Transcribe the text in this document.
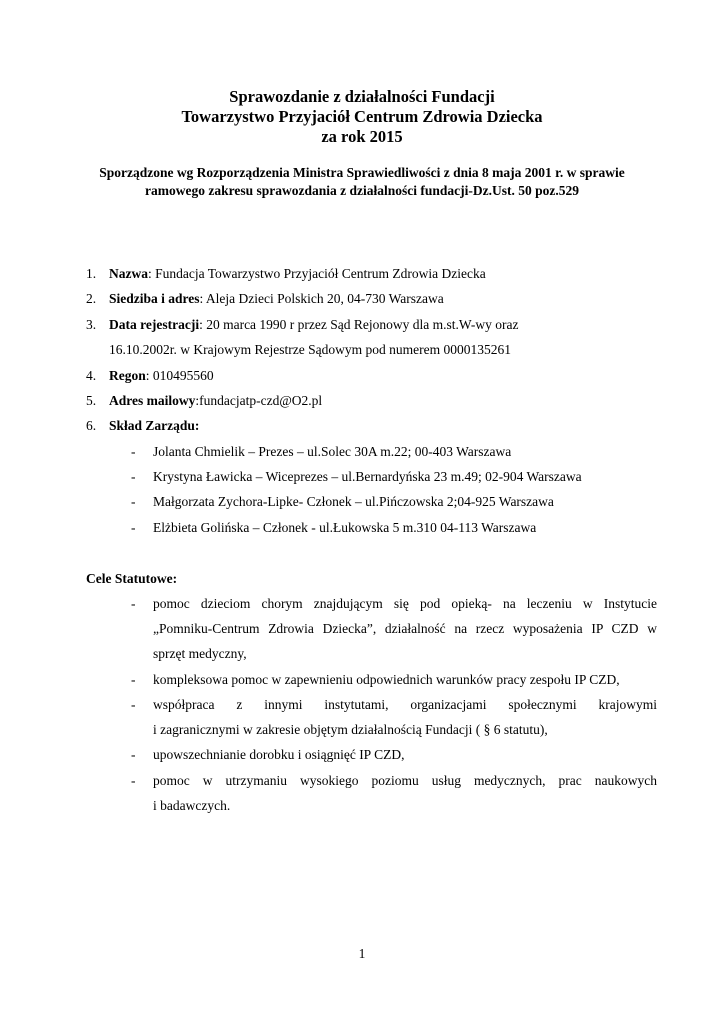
Sprawozdanie z działalności Fundacji
Towarzystwo Przyjaciół Centrum Zdrowia Dziecka
za rok 2015
Sporządzone wg Rozporządzenia Ministra Sprawiedliwości z dnia 8 maja 2001 r. w sprawie
ramowego zakresu sprawozdania z działalności fundacji-Dz.Ust. 50 poz.529
1. Nazwa: Fundacja Towarzystwo Przyjaciół Centrum Zdrowia Dziecka
2. Siedziba i adres: Aleja Dzieci Polskich 20, 04-730 Warszawa
3. Data rejestracji: 20 marca 1990 r przez Sąd Rejonowy dla m.st.W-wy oraz
16.10.2002r. w Krajowym Rejestrze Sądowym pod numerem 0000135261
4. Regon: 010495560
5. Adres mailowy:fundacjatp-czd@O2.pl
6. Skład Zarządu:
- Jolanta Chmielik – Prezes – ul.Solec 30A m.22; 00-403 Warszawa
- Krystyna Ławicka – Wiceprezes – ul.Bernardyńska 23 m.49; 02-904 Warszawa
- Małgorzata Zychora-Lipke- Członek – ul.Pińczowska 2;04-925 Warszawa
- Elżbieta Golińska – Członek - ul.Łukowska 5 m.310 04-113 Warszawa
Cele Statutowe:
- pomoc dzieciom chorym znajdującym się pod opieką- na leczeniu w Instytucie
„Pomniku-Centrum Zdrowia Dziecka”, działalność na rzecz wyposażenia IP CZD w
sprzęt medyczny,
- kompleksowa pomoc w zapewnieniu odpowiednich warunków pracy zespołu IP CZD,
- współpraca z innymi instytutami, organizacjami społecznymi krajowymi
i zagranicznymi w zakresie objętym działalnością Fundacji ( § 6 statutu),
- upowszechnianie dorobku i osiągnięć IP CZD,
- pomoc w utrzymaniu wysokiego poziomu usług medycznych, prac naukowych
i badawczych.
1
